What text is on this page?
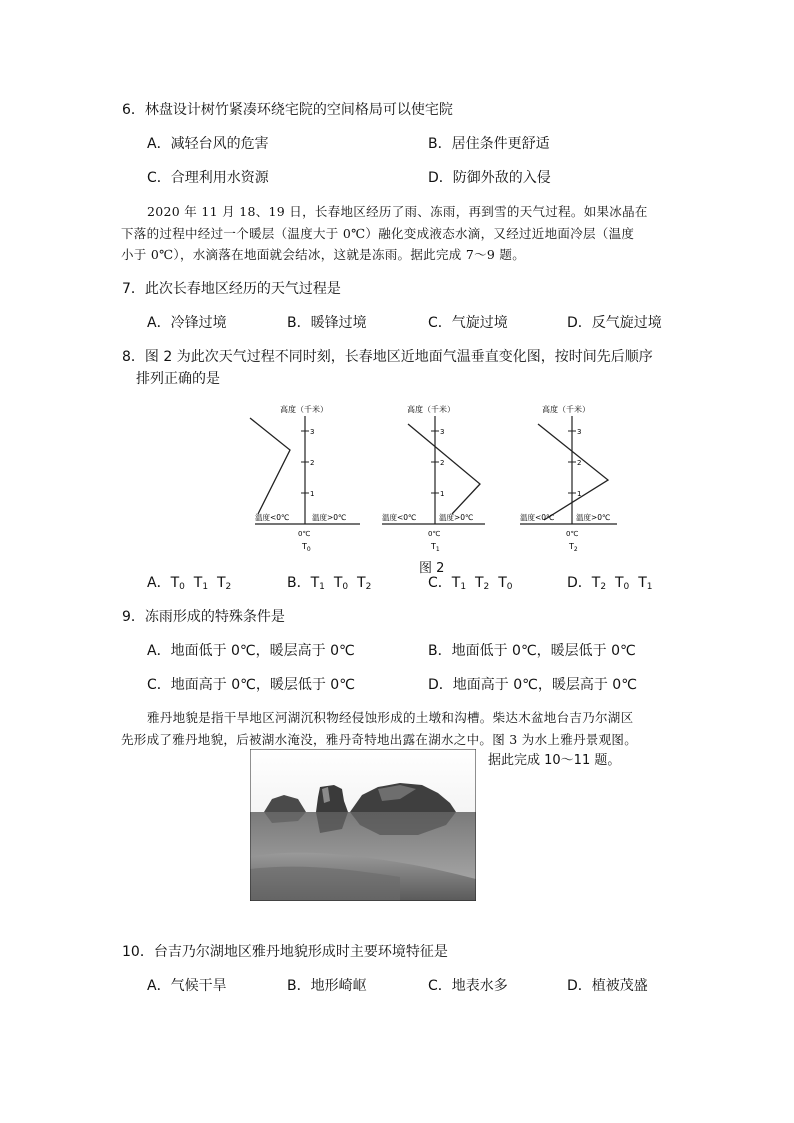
6．林盘设计树竹紧凑环绕宅院的空间格局可以使宅院
A．减轻台风的危害	B．居住条件更舒适
C．合理利用水资源	D．防御外敌的入侵
2020 年 11 月 18、19 日，长春地区经历了雨、冻雨，再到雪的天气过程。如果冰晶在
下落的过程中经过一个暖层（温度大于 0℃）融化变成液态水滴，又经过近地面冷层（温度
小于 0℃），水滴落在地面就会结冰，这就是冻雨。据此完成 7～9 题。
7．此次长春地区经历的天气过程是
A．冷锋过境	B．暖锋过境	C．气旋过境	D．反气旋过境
8．图 2 为此次天气过程不同时刻，长春地区近地面气温垂直变化图，按时间先后顺序
排列正确的是
高度（千米）
1
2
3
温度<0℃	温度>0℃
0℃
$T_0$
高度（千米）
1
2
3
温度<0℃	温度>0℃
0℃
$T_1$
高度（千米）
1
2
3
温度<0℃	温度>0℃
0℃
$T_2$
图 2
A．$T_0$ $T_1$ $T_2$	B．$T_1$ $T_0$ $T_2$	C．$T_1$ $T_2$ $T_0$	D．$T_2$ $T_0$ $T_1$
9．冻雨形成的特殊条件是
A．地面低于 0℃，暖层高于 0℃	B．地面低于 0℃，暖层低于 0℃
C．地面高于 0℃，暖层低于 0℃	D．地面高于 0℃，暖层高于 0℃
雅丹地貌是指干旱地区河湖沉积物经侵蚀形成的土墩和沟槽。柴达木盆地台吉乃尔湖区
先形成了雅丹地貌，后被湖水淹没，雅丹奇特地出露在湖水之中。图 3 为水上雅丹景观图。
据此完成 10～11 题。
10．台吉乃尔湖地区雅丹地貌形成时主要环境特征是
A．气候干旱	B．地形崎岖	C．地表水多	D．植被茂盛
